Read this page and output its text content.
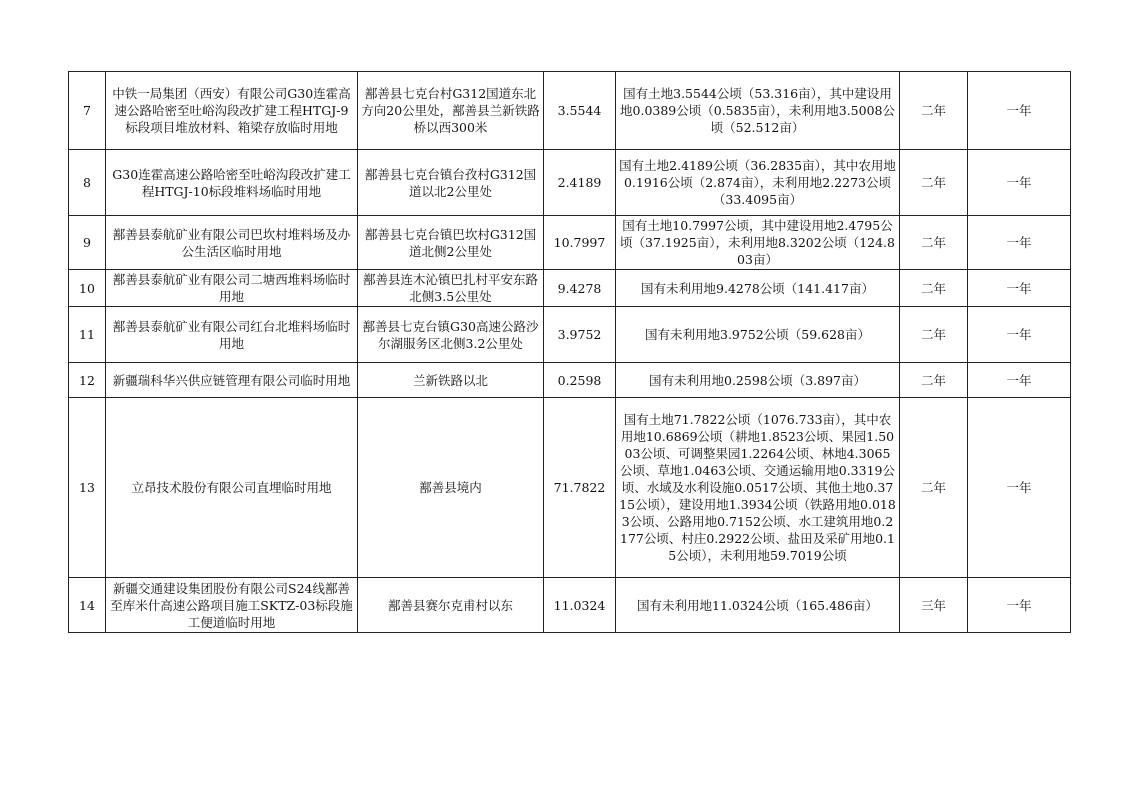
7	中铁一局集团（西安）有限公司G30连霍高速公路哈密至吐峪沟段改扩建工程HTGJ-9标段项目堆放材料、箱梁存放临时用地	鄯善县七克台村G312国道东北方向20公里处，鄯善县兰新铁路桥以西300米	3.5544	国有土地3.5544公顷（53.316亩），其中建设用地0.0389公顷（0.5835亩），未利用地3.5008公顷（52.512亩）	二年	一年
8	G30连霍高速公路哈密至吐峪沟段改扩建工程HTGJ-10标段堆料场临时用地	鄯善县七克台镇台孜村G312国道以北2公里处	2.4189	国有土地2.4189公顷（36.2835亩），其中农用地0.1916公顷（2.874亩），未利用地2.2273公顷（33.4095亩）	二年	一年
9	鄯善县泰航矿业有限公司巴坎村堆料场及办公生活区临时用地	鄯善县七克台镇巴坎村G312国道北侧2公里处	10.7997	国有土地10.7997公顷，其中建设用地2.4795公顷（37.1925亩），未利用地8.3202公顷（124.803亩）	二年	一年
10	鄯善县泰航矿业有限公司二塘西堆料场临时用地	鄯善县连木沁镇巴扎村平安东路北侧3.5公里处	9.4278	国有未利用地9.4278公顷（141.417亩）	二年	一年
11	鄯善县泰航矿业有限公司红台北堆料场临时用地	鄯善县七克台镇G30高速公路沙尔湖服务区北侧3.2公里处	3.9752	国有未利用地3.9752公顷（59.628亩）	二年	一年
12	新疆瑞科华兴供应链管理有限公司临时用地	兰新铁路以北	0.2598	国有未利用地0.2598公顷（3.897亩）	二年	一年
13	立昂技术股份有限公司直埋临时用地	鄯善县境内	71.7822	国有土地71.7822公顷（1076.733亩），其中农用地10.6869公顷（耕地1.8523公顷、果园1.5003公顷、可调整果园1.2264公顷、林地4.3065公顷、草地1.0463公顷、交通运输用地0.3319公顷、水域及水利设施0.0517公顷、其他土地0.3715公顷），建设用地1.3934公顷（铁路用地0.0183公顷、公路用地0.7152公顷、水工建筑用地0.2177公顷、村庄0.2922公顷、盐田及采矿用地0.15公顷），未利用地59.7019公顷	二年	一年
14	新疆交通建设集团股份有限公司S24线鄯善至库米什高速公路项目施工SKTZ-03标段施工便道临时用地	鄯善县赛尔克甫村以东	11.0324	国有未利用地11.0324公顷（165.486亩）	三年	一年
